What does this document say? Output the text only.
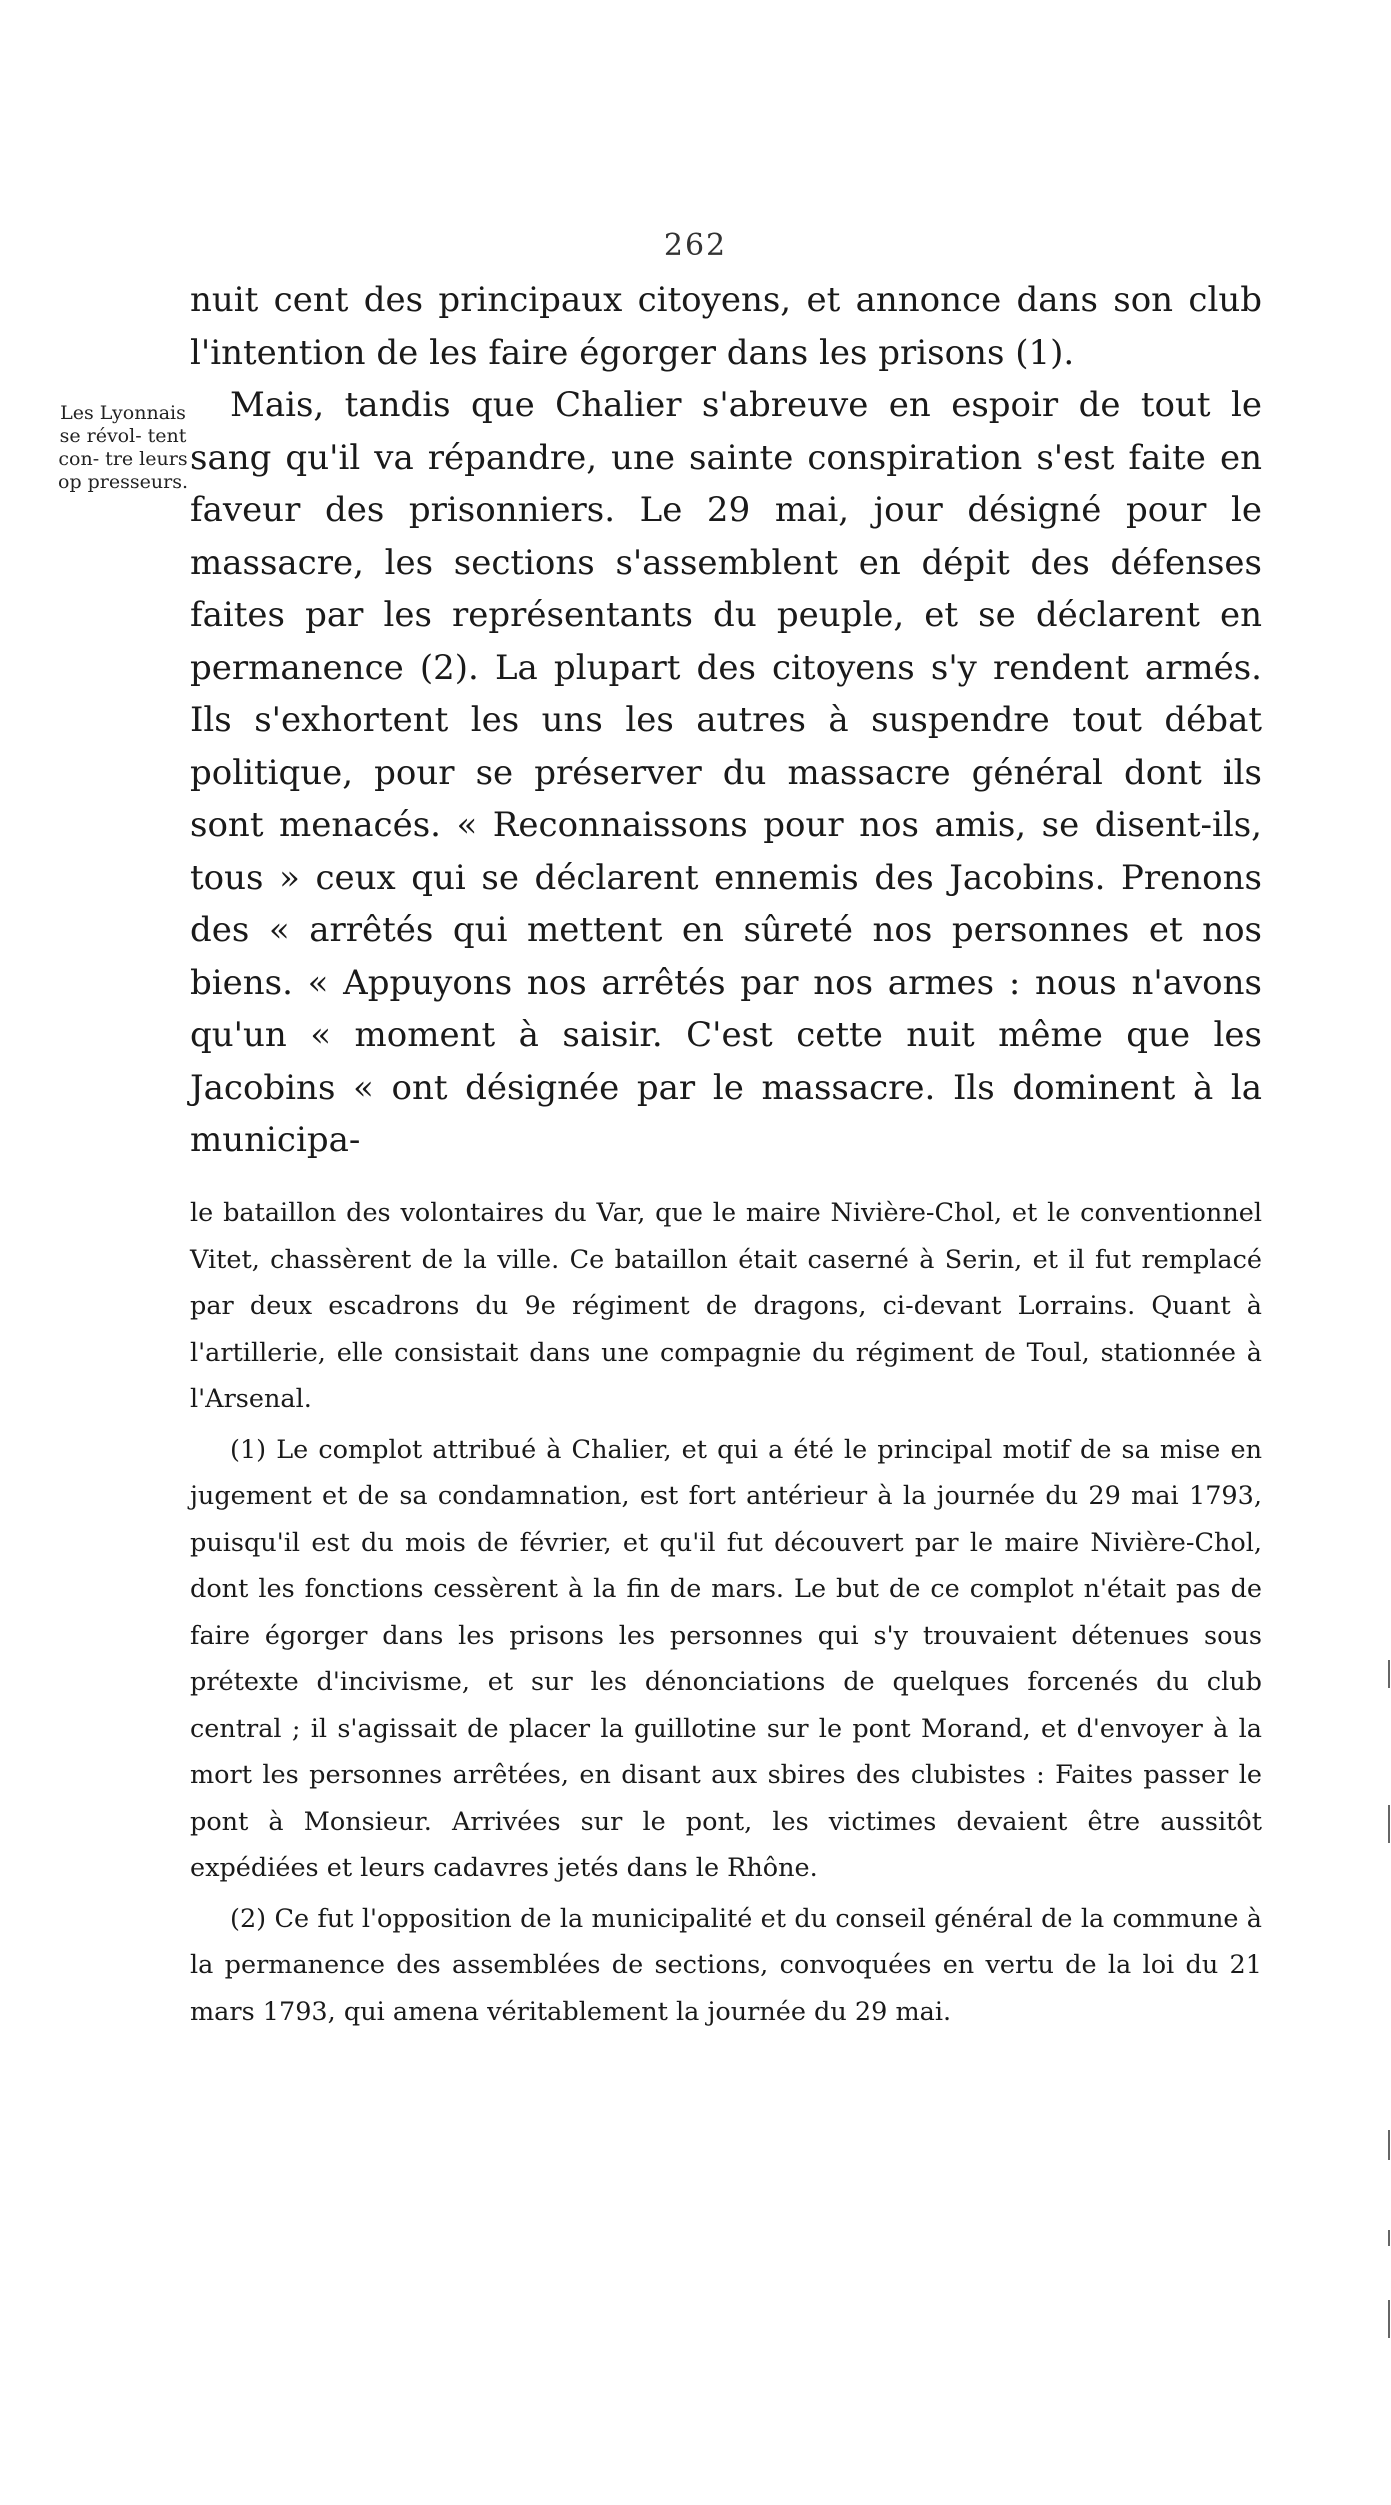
262
Les Lyonnais se révol- tent con- tre leurs op presseurs.

nuit cent des principaux citoyens, et annonce dans son club l'intention de les faire égorger dans les prisons (1).

Mais, tandis que Chalier s'abreuve en espoir de tout le sang qu'il va répandre, une sainte conspiration s'est faite en faveur des prisonniers. Le 29 mai, jour désigné pour le massacre, les sections s'assemblent en dépit des défenses faites par les représentants du peuple, et se déclarent en permanence (2). La plupart des citoyens s'y rendent armés. Ils s'exhortent les uns les autres à suspendre tout débat politique, pour se préserver du massacre général dont ils sont menacés. « Reconnaissons pour nos amis, se disent-ils, tous » ceux qui se déclarent ennemis des Jacobins. Prenons des « arrêtés qui mettent en sûreté nos personnes et nos biens. « Appuyons nos arrêtés par nos armes : nous n'avons qu'un « moment à saisir. C'est cette nuit même que les Jacobins « ont désignée par le massacre. Ils dominent à la municipa-

le bataillon des volontaires du Var, que le maire Nivière-Chol, et le conventionnel Vitet, chassèrent de la ville. Ce bataillon était caserné à Serin, et il fut remplacé par deux escadrons du 9e régiment de dragons, ci-devant Lorrains. Quant à l'artillerie, elle consistait dans une compagnie du régiment de Toul, stationnée à l'Arsenal.

(1) Le complot attribué à Chalier, et qui a été le principal motif de sa mise en jugement et de sa condamnation, est fort antérieur à la journée du 29 mai 1793, puisqu'il est du mois de février, et qu'il fut découvert par le maire Nivière-Chol, dont les fonctions cessèrent à la fin de mars. Le but de ce complot n'était pas de faire égorger dans les prisons les personnes qui s'y trouvaient détenues sous prétexte d'incivisme, et sur les dénonciations de quelques forcenés du club central ; il s'agissait de placer la guillotine sur le pont Morand, et d'envoyer à la mort les personnes arrêtées, en disant aux sbires des clubistes : Faites passer le pont à Monsieur. Arrivées sur le pont, les victimes devaient être aussitôt expédiées et leurs cadavres jetés dans le Rhône.

(2) Ce fut l'opposition de la municipalité et du conseil général de la commune à la permanence des assemblées de sections, convoquées en vertu de la loi du 21 mars 1793, qui amena véritablement la journée du 29 mai.
